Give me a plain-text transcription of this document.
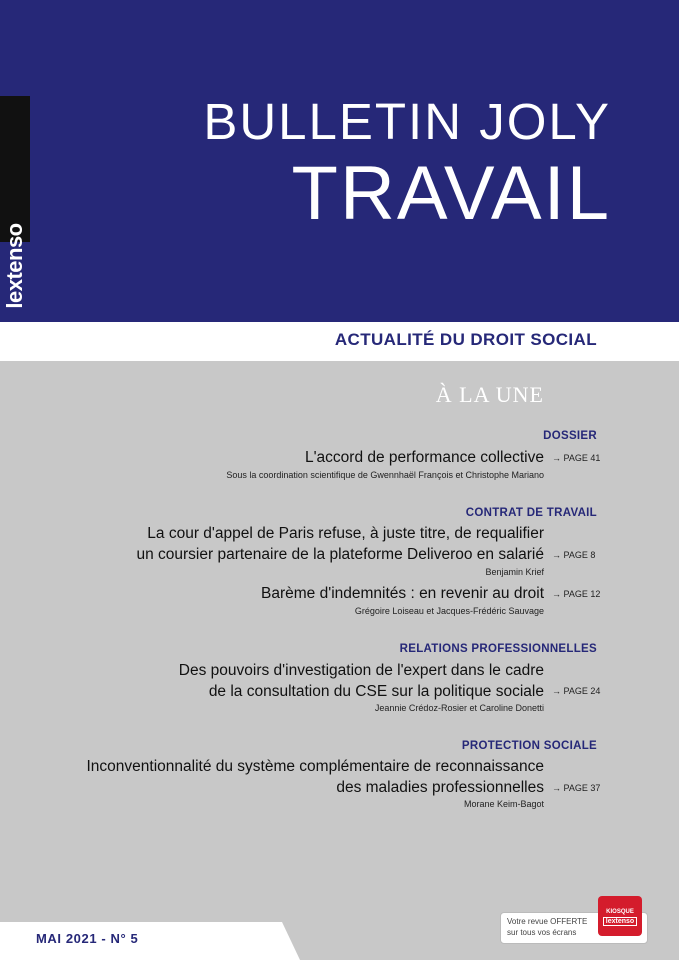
lextenso
BULLETIN JOLY
TRAVAIL
ACTUALITÉ DU DROIT SOCIAL
À LA UNE
DOSSIER
L'accord de performance collective → PAGE 41
Sous la coordination scientifique de Gwennhaël François et Christophe Mariano
CONTRAT DE TRAVAIL
La cour d'appel de Paris refuse, à juste titre, de requalifier
un coursier partenaire de la plateforme Deliveroo en salarié → PAGE 8
Benjamin Krief
Barème d'indemnités : en revenir au droit → PAGE 12
Grégoire Loiseau et Jacques-Frédéric Sauvage
RELATIONS PROFESSIONNELLES
Des pouvoirs d'investigation de l'expert dans le cadre
de la consultation du CSE sur la politique sociale → PAGE 24
Jeannie Crédoz-Rosier et Caroline Donetti
PROTECTION SOCIALE
Inconventionnalité du système complémentaire de reconnaissance
des maladies professionnelles → PAGE 37
Morane Keim-Bagot
MAI 2021 - N° 5
Votre revue OFFERTE
sur tous vos écrans
KIOSQUE
lextenso
